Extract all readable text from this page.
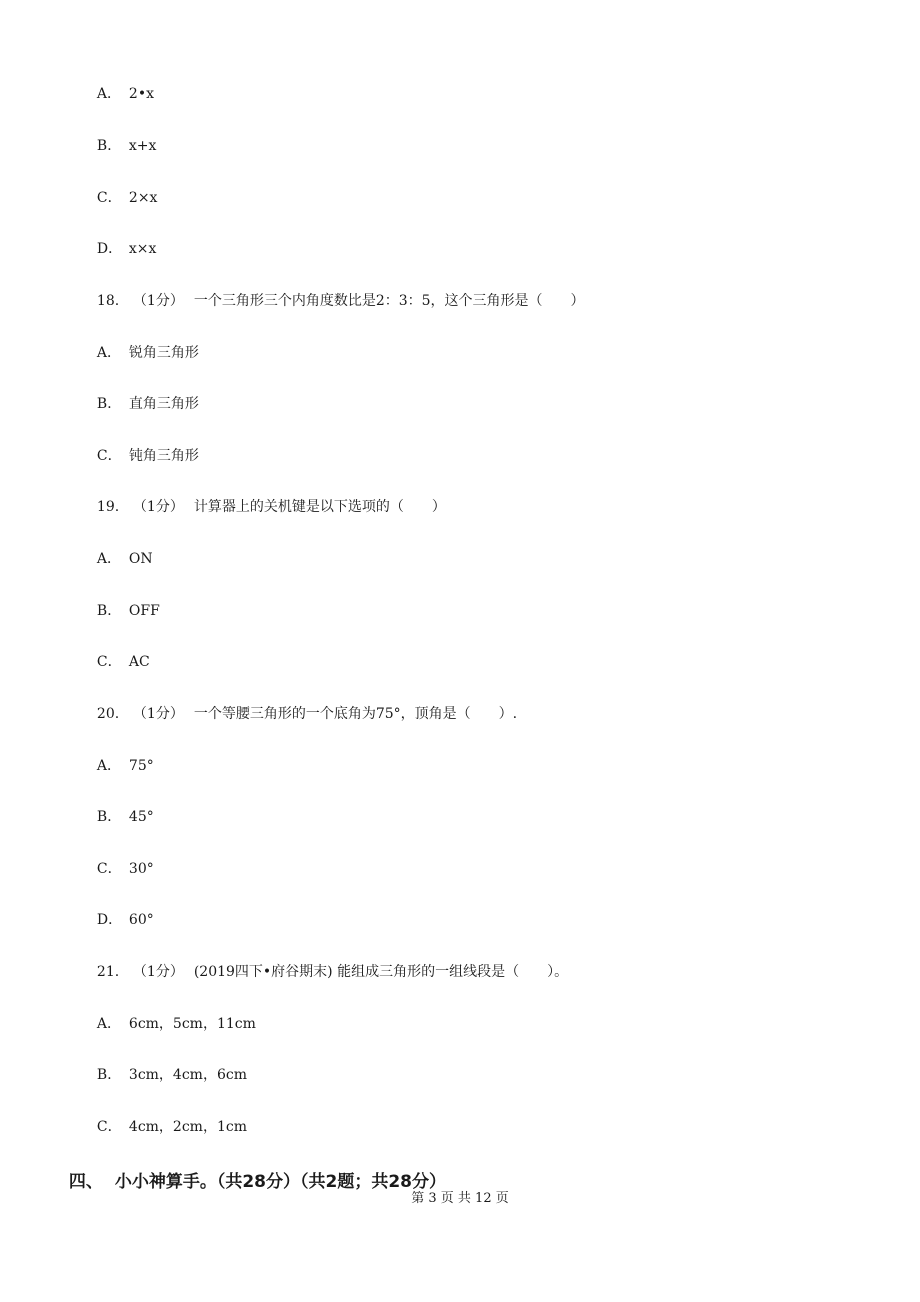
A． 2•x

B． x+x

C． 2×x

D． x×x

18. （1分） 一个三角形三个内角度数比是2：3：5，这个三角形是（　　）

A． 锐角三角形

B． 直角三角形

C． 钝角三角形

19. （1分） 计算器上的关机键是以下选项的（　　）

A． ON

B． OFF

C． AC

20. （1分） 一个等腰三角形的一个底角为75°，顶角是（　　）.

A． 75°

B． 45°

C． 30°

D． 60°

21. （1分） (2019四下•府谷期末) 能组成三角形的一组线段是（　　）。

A． 6cm，5cm，11cm

B． 3cm，4cm，6cm

C． 4cm，2cm，1cm

四、 小小神算手。（共28分）（共2题；共28分）

第 3 页 共 12 页
